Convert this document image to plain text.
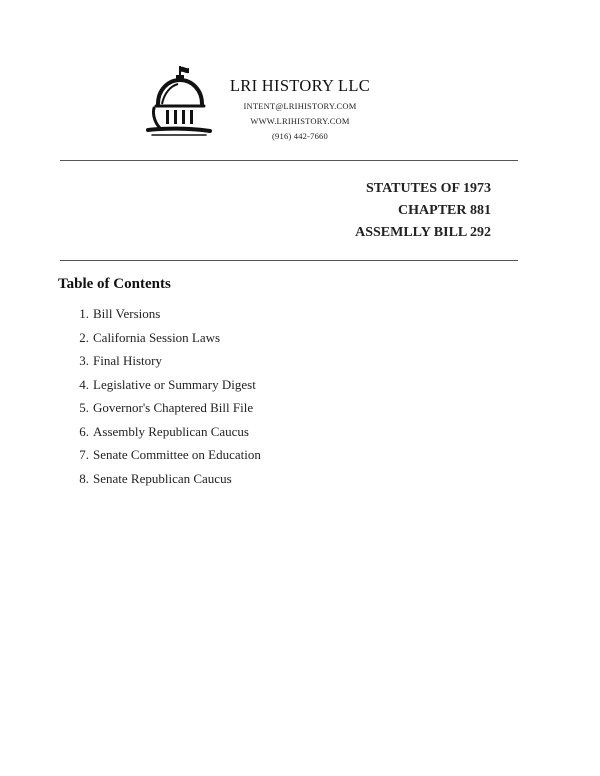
LRI HISTORY LLC
INTENT@LRIHISTORY.COM
WWW.LRIHISTORY.COM
(916) 442-7660
STATUTES OF 1973
CHAPTER 881
ASSEMLLY BILL 292
Table of Contents
1. Bill Versions
2. California Session Laws
3. Final History
4. Legislative or Summary Digest
5. Governor's Chaptered Bill File
6. Assembly Republican Caucus
7. Senate Committee on Education
8. Senate Republican Caucus
